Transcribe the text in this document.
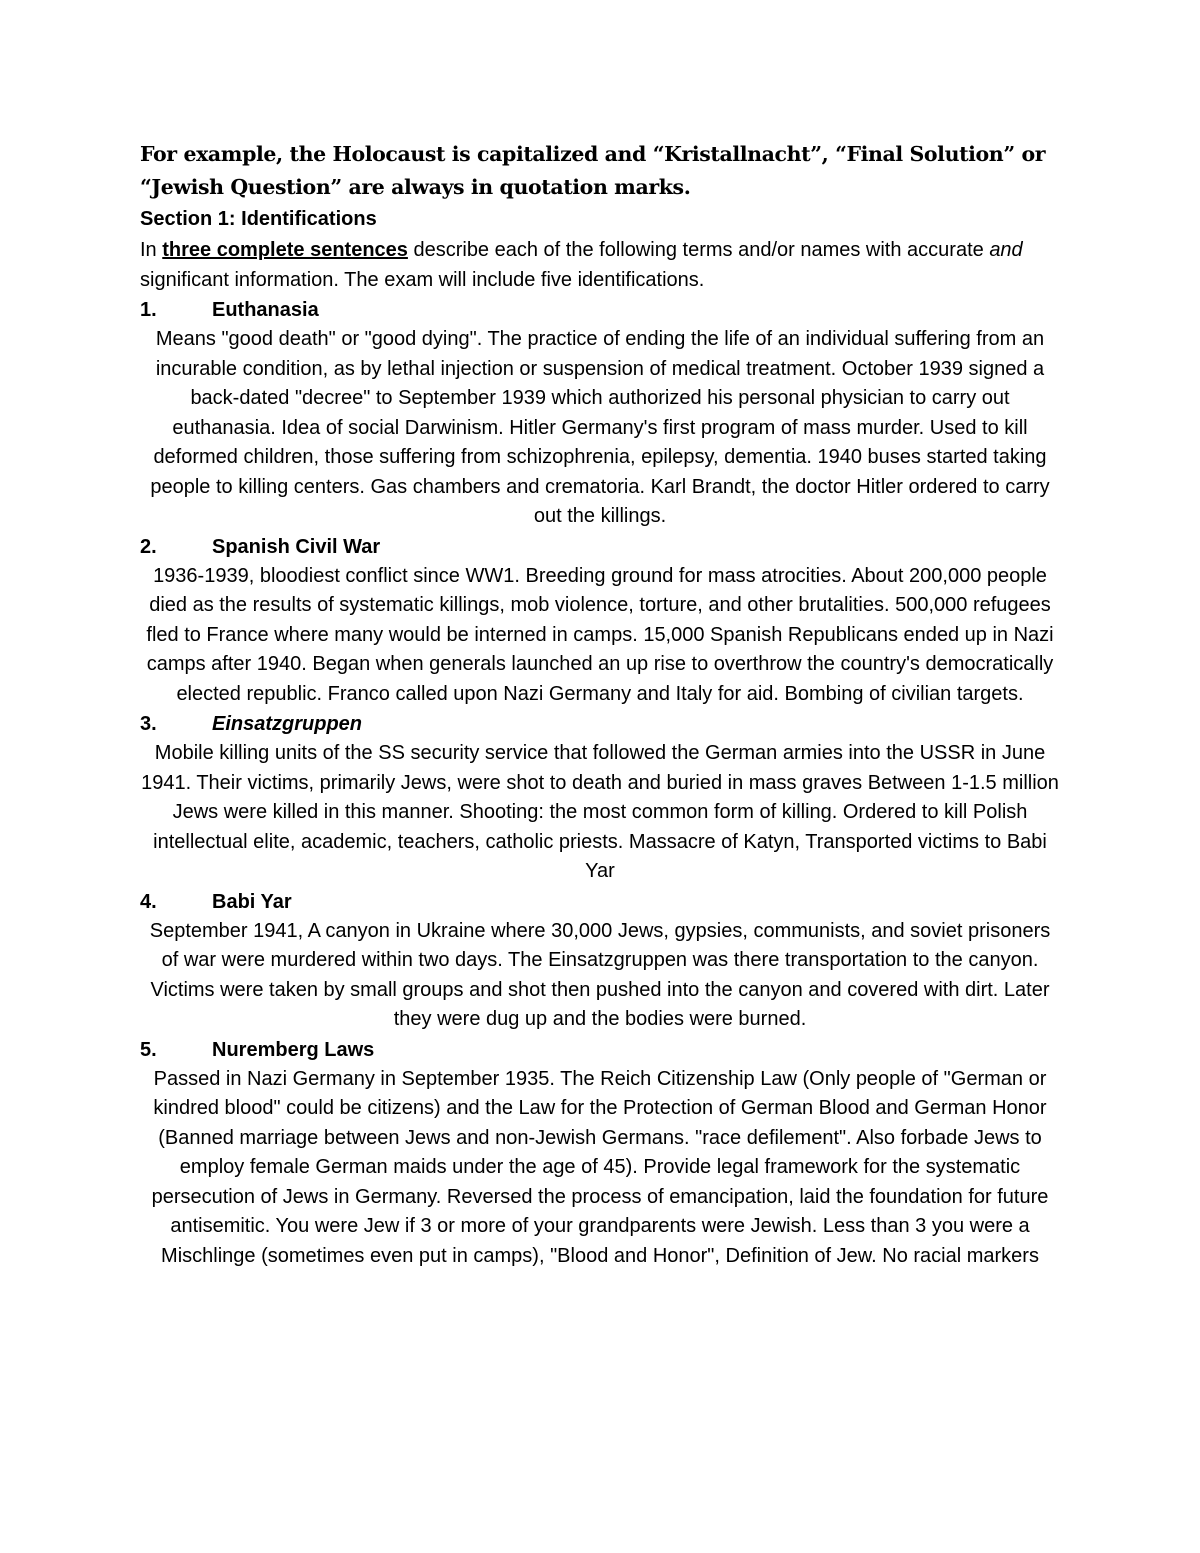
For example, the Holocaust is capitalized and “Kristallnacht”, “Final Solution” or “Jewish Question” are always in quotation marks.

Section 1: Identifications

In three complete sentences describe each of the following terms and/or names with accurate and significant information. The exam will include five identifications.

1.	Euthanasia

Means "good death" or "good dying". The practice of ending the life of an individual suffering from an incurable condition, as by lethal injection or suspension of medical treatment. October 1939 signed a back-dated "decree" to September 1939 which authorized his personal physician to carry out euthanasia. Idea of social Darwinism. Hitler Germany's first program of mass murder. Used to kill deformed children, those suffering from schizophrenia, epilepsy, dementia. 1940 buses started taking people to killing centers. Gas chambers and crematoria. Karl Brandt, the doctor Hitler ordered to carry out the killings.

2.	Spanish Civil War

1936-1939, bloodiest conflict since WW1. Breeding ground for mass atrocities. About 200,000 people died as the results of systematic killings, mob violence, torture, and other brutalities. 500,000 refugees fled to France where many would be interned in camps. 15,000 Spanish Republicans ended up in Nazi camps after 1940. Began when generals launched an up rise to overthrow the country's democratically elected republic. Franco called upon Nazi Germany and Italy for aid. Bombing of civilian targets.

3.	Einsatzgruppen

Mobile killing units of the SS security service that followed the German armies into the USSR in June 1941. Their victims, primarily Jews, were shot to death and buried in mass graves Between 1-1.5 million Jews were killed in this manner. Shooting: the most common form of killing. Ordered to kill Polish intellectual elite, academic, teachers, catholic priests. Massacre of Katyn, Transported victims to Babi Yar

4.	Babi Yar

September 1941, A canyon in Ukraine where 30,000 Jews, gypsies, communists, and soviet prisoners of war were murdered within two days. The Einsatzgruppen was there transportation to the canyon. Victims were taken by small groups and shot then pushed into the canyon and covered with dirt. Later they were dug up and the bodies were burned.

5.	Nuremberg Laws

Passed in Nazi Germany in September 1935. The Reich Citizenship Law (Only people of "German or kindred blood" could be citizens) and the Law for the Protection of German Blood and German Honor (Banned marriage between Jews and non-Jewish Germans. "race defilement". Also forbade Jews to employ female German maids under the age of 45). Provide legal framework for the systematic persecution of Jews in Germany. Reversed the process of emancipation, laid the foundation for future antisemitic. You were Jew if 3 or more of your grandparents were Jewish. Less than 3 you were a Mischlinge (sometimes even put in camps), "Blood and Honor", Definition of Jew. No racial markers
